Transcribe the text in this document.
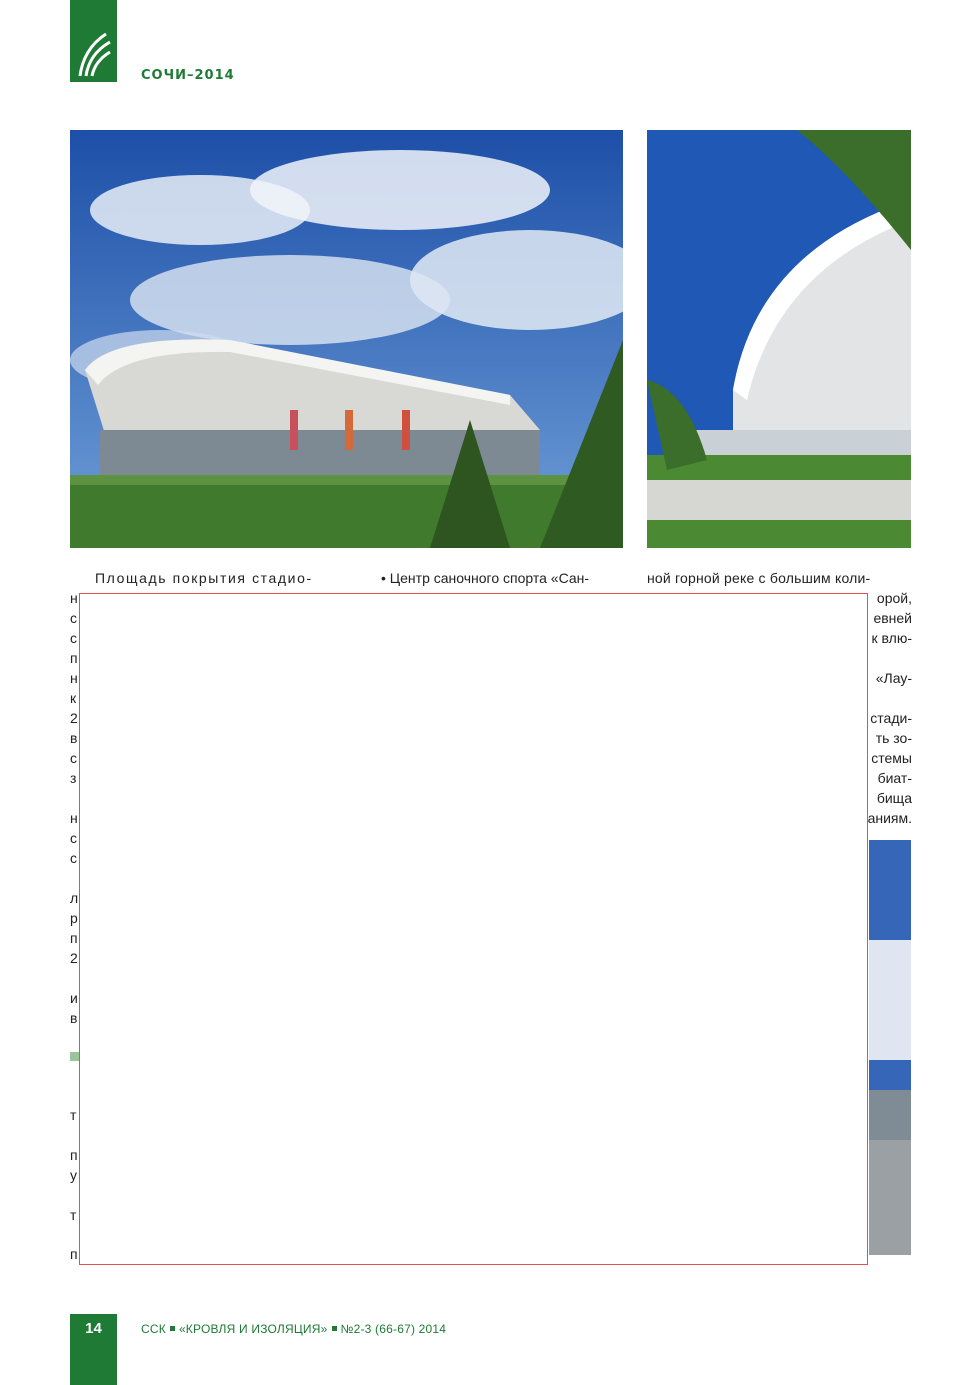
СОЧИ–2014
Площадь покрытия стадио-	• Центр саночного спорта «Сан-	ной горной реке с большим коли-
н
с
с
п
н
к
2
в
с
з
н
с
с
л
р
п
2
и
в
т
п
у
т
п
орой,
евней
к влю-
«Лау-
стади-
ть зо-
стемы
биат-
бища
аниям.
14	ССК «КРОВЛЯ И ИЗОЛЯЦИЯ» №2-3 (66-67) 2014
